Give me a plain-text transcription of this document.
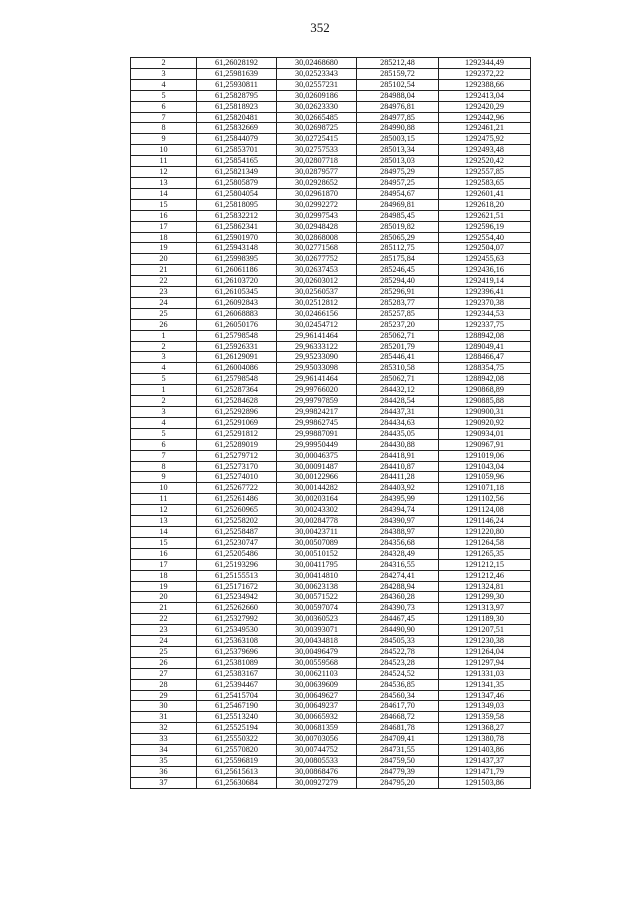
352
2	61,26028192	30,02468680	285212,48	1292344,49
3	61,25981639	30,02523343	285159,72	1292372,22
4	61,25930811	30,02557231	285102,54	1292388,66
5	61,25828795	30,02609186	284988,04	1292413,04
6	61,25818923	30,02623330	284976,81	1292420,29
7	61,25820481	30,02665485	284977,85	1292442,96
8	61,25832669	30,02698725	284990,88	1292461,21
9	61,25844079	30,02725415	285003,15	1292475,92
10	61,25853701	30,02757533	285013,34	1292493,48
11	61,25854165	30,02807718	285013,03	1292520,42
12	61,25821349	30,02879577	284975,29	1292557,85
13	61,25805879	30,02928652	284957,25	1292583,65
14	61,25804054	30,02961870	284954,67	1292601,41
15	61,25818095	30,02992272	284969,81	1292618,20
16	61,25832212	30,02997543	284985,45	1292621,51
17	61,25862341	30,02948428	285019,82	1292596,19
18	61,25901970	30,02868008	285065,29	1292554,40
19	61,25943148	30,02771568	285112,75	1292504,07
20	61,25998395	30,02677752	285175,84	1292455,63
21	61,26061186	30,02637453	285246,45	1292436,16
22	61,26103720	30,02603012	285294,40	1292419,14
23	61,26105345	30,02560537	285296,91	1292396,41
24	61,26092843	30,02512812	285283,77	1292370,38
25	61,26068883	30,02466156	285257,85	1292344,53
26	61,26050176	30,02454712	285237,20	1292337,75
1	61,25798548	29,96141464	285062,71	1288942,08
2	61,25926331	29,96333122	285201,79	1289049,41
3	61,26129091	29,95233090	285446,41	1288466,47
4	61,26004086	29,95033098	285310,58	1288354,75
5	61,25798548	29,96141464	285062,71	1288942,08
1	61,25287364	29,99766020	284432,12	1290868,89
2	61,25284628	29,99797859	284428,54	1290885,88
3	61,25292896	29,99824217	284437,31	1290900,31
4	61,25291069	29,99862745	284434,63	1290920,92
5	61,25291812	29,99887091	284435,05	1290934,01
6	61,25289019	29,99950449	284430,88	1290967,91
7	61,25279712	30,00046375	284418,91	1291019,06
8	61,25273170	30,00091487	284410,87	1291043,04
9	61,25274010	30,00122966	284411,28	1291059,96
10	61,25267722	30,00144282	284403,92	1291071,18
11	61,25261486	30,00203164	284395,99	1291102,56
12	61,25260965	30,00243302	284394,74	1291124,08
13	61,25258202	30,00284778	284390,97	1291146,24
14	61,25258487	30,00423711	284388,97	1291220,80
15	61,25230747	30,00507089	284356,68	1291264,58
16	61,25205486	30,00510152	284328,49	1291265,35
17	61,25193296	30,00411795	284316,55	1291212,15
18	61,25155513	30,00414810	284274,41	1291212,46
19	61,25171672	30,00623138	284288,94	1291324,81
20	61,25234942	30,00571522	284360,28	1291299,30
21	61,25262660	30,00597074	284390,73	1291313,97
22	61,25327992	30,00360523	284467,45	1291189,30
23	61,25349530	30,00393071	284490,90	1291207,51
24	61,25363108	30,00434818	284505,33	1291230,38
25	61,25379696	30,00496479	284522,78	1291264,04
26	61,25381089	30,00559568	284523,28	1291297,94
27	61,25383167	30,00621103	284524,52	1291331,03
28	61,25394467	30,00639609	284536,85	1291341,35
29	61,25415704	30,00649627	284560,34	1291347,46
30	61,25467190	30,00649237	284617,70	1291349,03
31	61,25513240	30,00665932	284668,72	1291359,58
32	61,25525194	30,00681359	284681,78	1291368,27
33	61,25550322	30,00703056	284709,41	1291380,78
34	61,25570820	30,00744752	284731,55	1291403,86
35	61,25596819	30,00805533	284759,50	1291437,37
36	61,25615613	30,00868476	284779,39	1291471,79
37	61,25630684	30,00927279	284795,20	1291503,86
